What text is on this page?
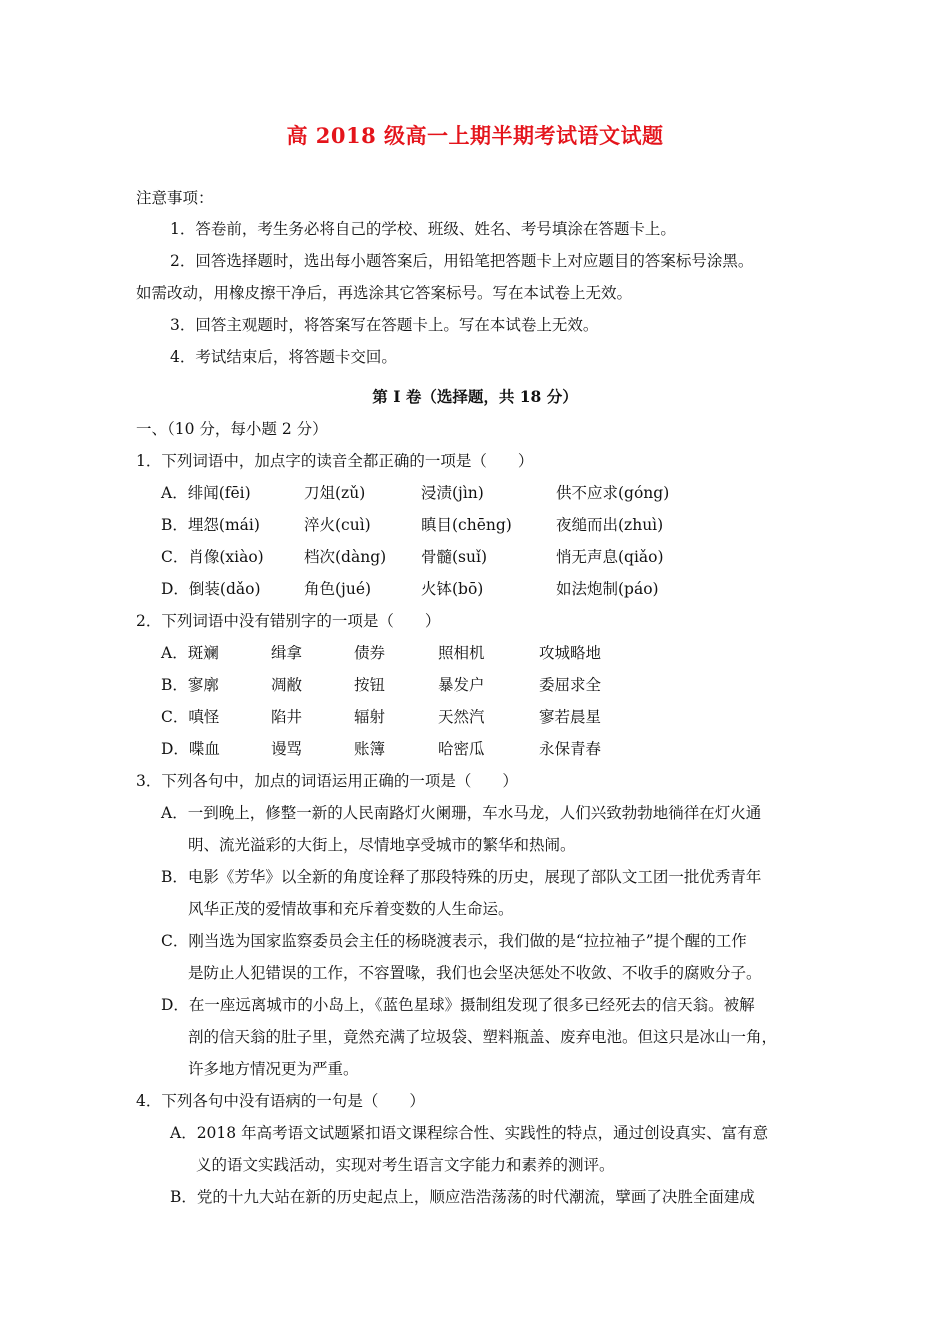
高 2018 级高一上期半期考试语文试题
注意事项：
1．答卷前，考生务必将自己的学校、班级、姓名、考号填涂在答题卡上。
2．回答选择题时，选出每小题答案后，用铅笔把答题卡上对应题目的答案标号涂黑。
如需改动，用橡皮擦干净后，再选涂其它答案标号。写在本试卷上无效。
3．回答主观题时，将答案写在答题卡上。写在本试卷上无效。
4．考试结束后，将答题卡交回。
第 I 卷（选择题，共 18 分）
一、（10 分，每小题 2 分）
1．下列词语中，加点字的读音全都正确的一项是（　　）
A．绯闻(fēi)	刀俎(zǔ)	浸渍(jìn)	供不应求(góng)
B．埋怨(mái)	淬火(cuì)	瞋目(chēng)	夜缒而出(zhuì)
C．肖像(xiào)	档次(dàng) 骨髓(suǐ)	悄无声息(qiǎo)
D．倒装(dǎo)	角色(jué)	火钵(bō)	如法炮制(páo)
2．下列词语中没有错别字的一项是（　　）
A．斑斓	缉拿	债券	照相机	攻城略地
B．寥廓	凋敝	按钮	暴发户	委屈求全
C．嗔怪	陷井	辐射	天然汽	寥若晨星
D．喋血	谩骂	账簿	哈密瓜	永保青春
3．下列各句中，加点的词语运用正确的一项是（　　）
A．一到晚上，修整一新的人民南路灯火阑珊，车水马龙，人们兴致勃勃地徜徉在灯火通
明、流光溢彩的大街上，尽情地享受城市的繁华和热闹。
B．电影《芳华》以全新的角度诠释了那段特殊的历史，展现了部队文工团一批优秀青年
风华正茂的爱情故事和充斥着变数的人生命运。
C．刚当选为国家监察委员会主任的杨晓渡表示，我们做的是“拉拉袖子”提个醒的工作
是防止人犯错误的工作，不容置喙，我们也会坚决惩处不收敛、不收手的腐败分子。
D．在一座远离城市的小岛上，《蓝色星球》摄制组发现了很多已经死去的信天翁。被解
剖的信天翁的肚子里，竟然充满了垃圾袋、塑料瓶盖、废弃电池。但这只是冰山一角，
许多地方情况更为严重。
4．下列各句中没有语病的一句是（　　）
A．2018 年高考语文试题紧扣语文课程综合性、实践性的特点，通过创设真实、富有意
义的语文实践活动，实现对考生语言文字能力和素养的测评。
B．党的十九大站在新的历史起点上，顺应浩浩荡荡的时代潮流，擘画了决胜全面建成
